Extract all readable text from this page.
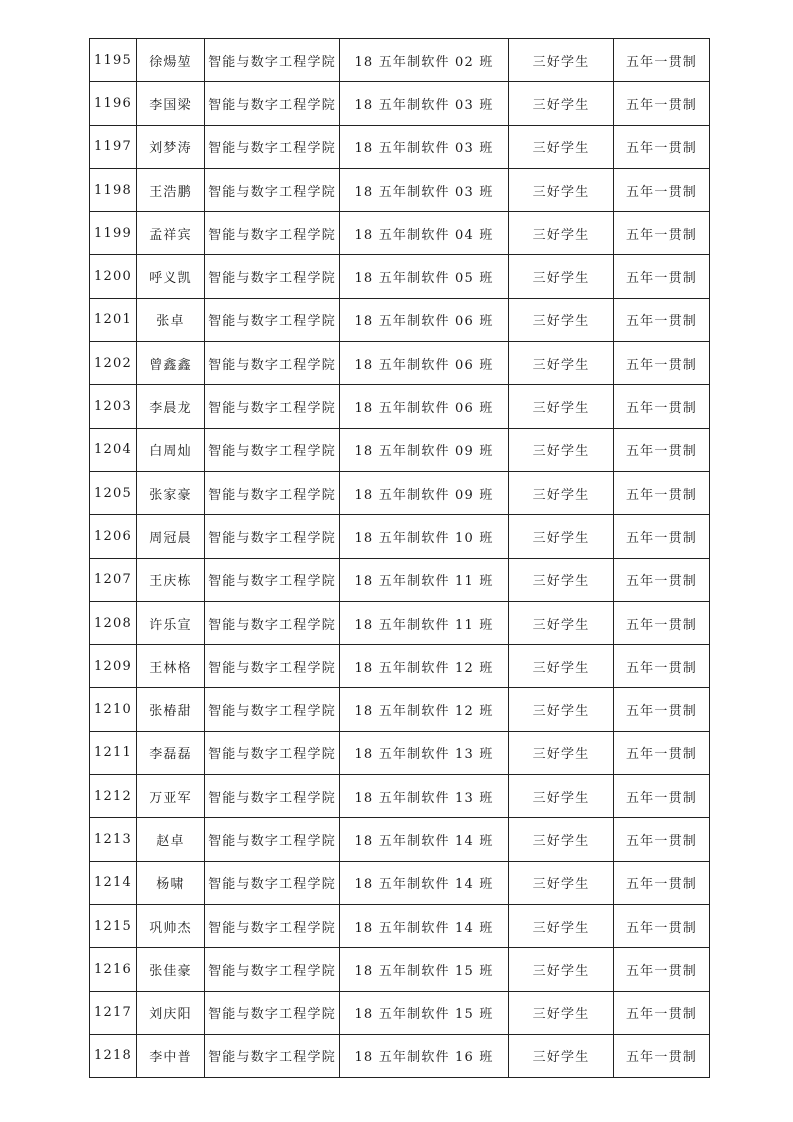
1195	徐煬堃	智能与数字工程学院	18 五年制软件 02 班	三好学生	五年一贯制
1196	李国梁	智能与数字工程学院	18 五年制软件 03 班	三好学生	五年一贯制
1197	刘梦涛	智能与数字工程学院	18 五年制软件 03 班	三好学生	五年一贯制
1198	王浩鹏	智能与数字工程学院	18 五年制软件 03 班	三好学生	五年一贯制
1199	孟祥宾	智能与数字工程学院	18 五年制软件 04 班	三好学生	五年一贯制
1200	呼义凯	智能与数字工程学院	18 五年制软件 05 班	三好学生	五年一贯制
1201	张卓	智能与数字工程学院	18 五年制软件 06 班	三好学生	五年一贯制
1202	曾鑫鑫	智能与数字工程学院	18 五年制软件 06 班	三好学生	五年一贯制
1203	李晨龙	智能与数字工程学院	18 五年制软件 06 班	三好学生	五年一贯制
1204	白周灿	智能与数字工程学院	18 五年制软件 09 班	三好学生	五年一贯制
1205	张家豪	智能与数字工程学院	18 五年制软件 09 班	三好学生	五年一贯制
1206	周冠晨	智能与数字工程学院	18 五年制软件 10 班	三好学生	五年一贯制
1207	王庆栋	智能与数字工程学院	18 五年制软件 11 班	三好学生	五年一贯制
1208	许乐宣	智能与数字工程学院	18 五年制软件 11 班	三好学生	五年一贯制
1209	王林格	智能与数字工程学院	18 五年制软件 12 班	三好学生	五年一贯制
1210	张椿甜	智能与数字工程学院	18 五年制软件 12 班	三好学生	五年一贯制
1211	李磊磊	智能与数字工程学院	18 五年制软件 13 班	三好学生	五年一贯制
1212	万亚军	智能与数字工程学院	18 五年制软件 13 班	三好学生	五年一贯制
1213	赵卓	智能与数字工程学院	18 五年制软件 14 班	三好学生	五年一贯制
1214	杨啸	智能与数字工程学院	18 五年制软件 14 班	三好学生	五年一贯制
1215	巩帅杰	智能与数字工程学院	18 五年制软件 14 班	三好学生	五年一贯制
1216	张佳豪	智能与数字工程学院	18 五年制软件 15 班	三好学生	五年一贯制
1217	刘庆阳	智能与数字工程学院	18 五年制软件 15 班	三好学生	五年一贯制
1218	李中普	智能与数字工程学院	18 五年制软件 16 班	三好学生	五年一贯制
